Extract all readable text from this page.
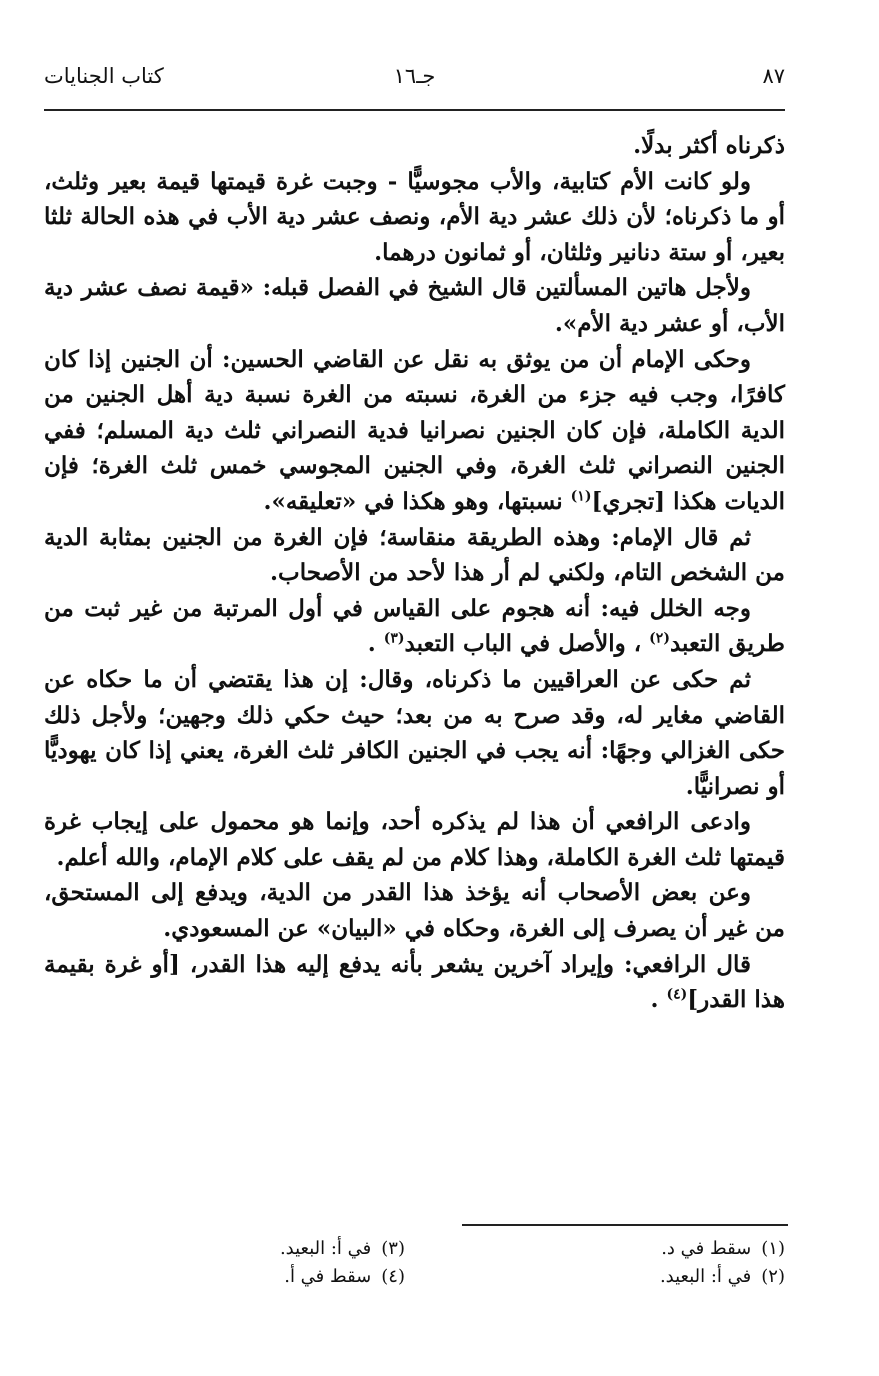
٨٧
جـ١٦
كتاب الجنايات

ذكرناه أكثر بدلًا.

ولو كانت الأم كتابية، والأب مجوسيًّا - وجبت غرة قيمتها قيمة بعير وثلث، أو ما ذكرناه؛ لأن ذلك عشر دية الأم، ونصف عشر دية الأب في هذه الحالة ثلثا بعير، أو ستة دنانير وثلثان، أو ثمانون درهما.

ولأجل هاتين المسألتين قال الشيخ في الفصل قبله: «قيمة نصف عشر دية الأب، أو عشر دية الأم».

وحكى الإمام أن من يوثق به نقل عن القاضي الحسين: أن الجنين إذا كان كافرًا، وجب فيه جزء من الغرة، نسبته من الغرة نسبة دية أهل الجنين من الدية الكاملة، فإن كان الجنين نصرانيا فدية النصراني ثلث دية المسلم؛ ففي الجنين النصراني ثلث الغرة، وفي الجنين المجوسي خمس ثلث الغرة؛ فإن الديات هكذا [تجري]$^{(١)}$ نسبتها، وهو هكذا في «تعليقه».

ثم قال الإمام: وهذه الطريقة منقاسة؛ فإن الغرة من الجنين بمثابة الدية من الشخص التام، ولكني لم أر هذا لأحد من الأصحاب.

وجه الخلل فيه: أنه هجوم على القياس في أول المرتبة من غير ثبت من طريق التعبد$^{(٢)}$ ، والأصل في الباب التعبد$^{(٣)}$ .

ثم حكى عن العراقيين ما ذكرناه، وقال: إن هذا يقتضي أن ما حكاه عن القاضي مغاير له، وقد صرح به من بعد؛ حيث حكي ذلك وجهين؛ ولأجل ذلك حكى الغزالي وجهًا: أنه يجب في الجنين الكافر ثلث الغرة، يعني إذا كان يهوديًّا أو نصرانيًّا.

وادعى الرافعي أن هذا لم يذكره أحد، وإنما هو محمول على إيجاب غرة قيمتها ثلث الغرة الكاملة، وهذا كلام من لم يقف على كلام الإمام، والله أعلم.

وعن بعض الأصحاب أنه يؤخذ هذا القدر من الدية، ويدفع إلى المستحق، من غير أن يصرف إلى الغرة، وحكاه في «البيان» عن المسعودي.

قال الرافعي: وإيراد آخرين يشعر بأنه يدفع إليه هذا القدر، [أو غرة بقيمة هذا القدر]$^{(٤)}$ .

(١)سقط في د.
(٢)في أ: البعيد.
(٣)في أ: البعيد.
(٤)سقط في أ.
